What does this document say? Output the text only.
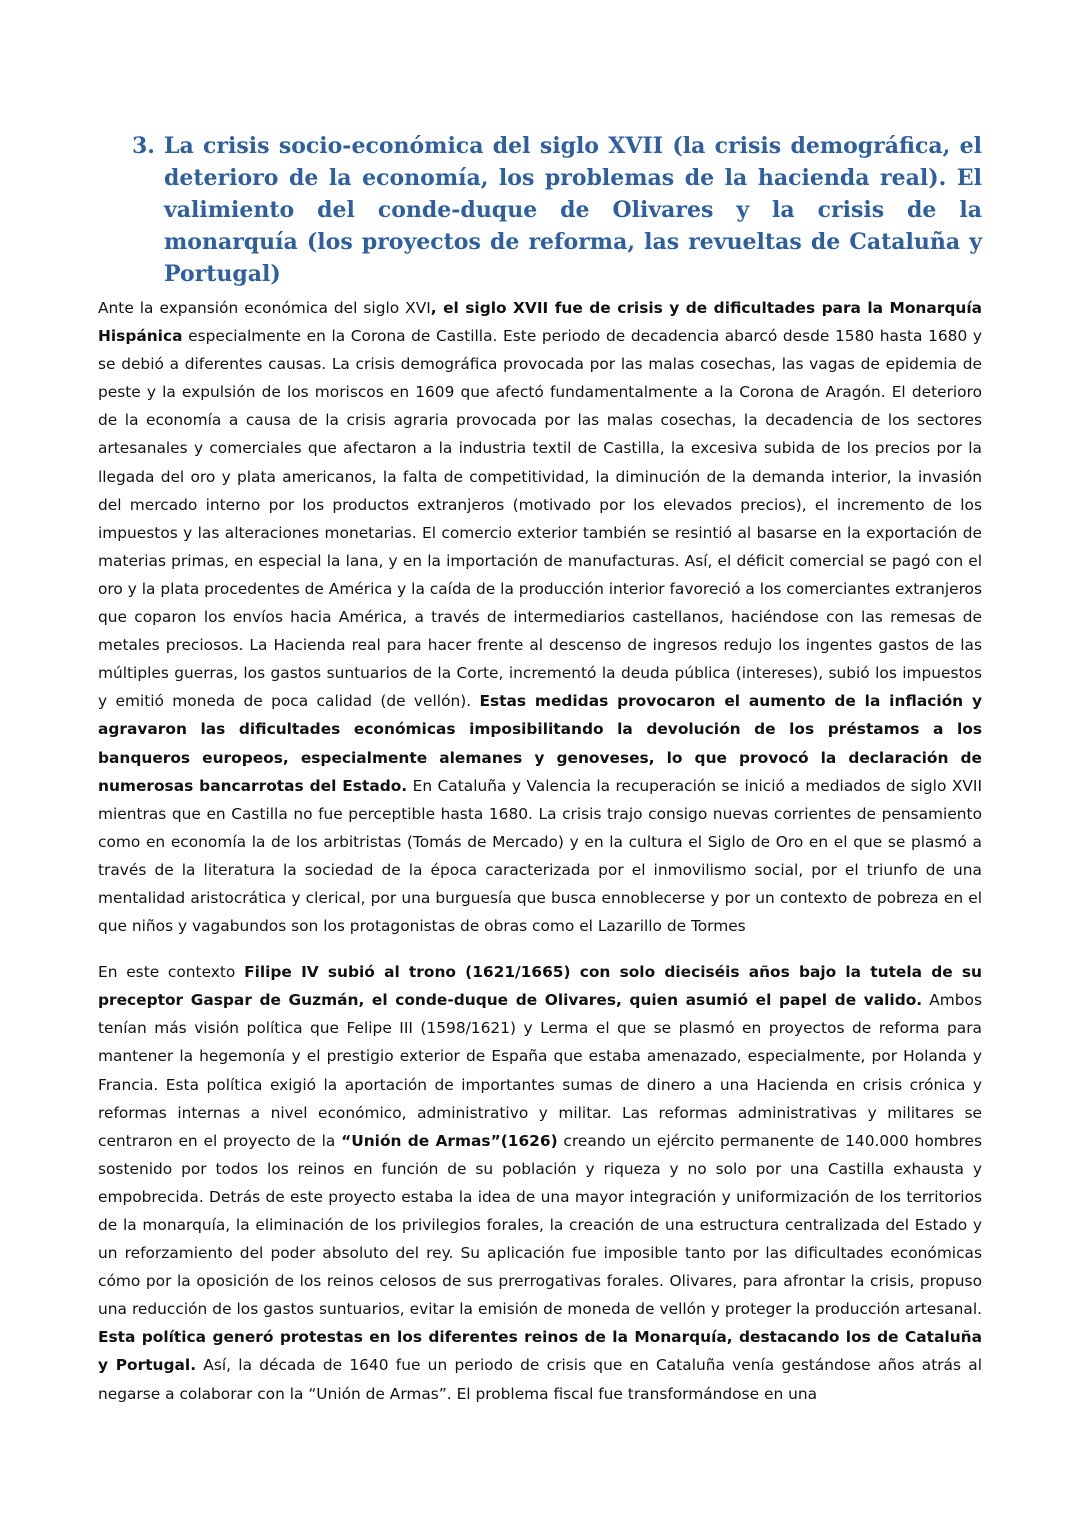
3. La crisis socio-económica del siglo XVII (la crisis demográfica, el deterioro de la economía, los problemas de la hacienda real). El valimiento del conde-duque de Olivares y la crisis de la monarquía (los proyectos de reforma, las revueltas de Cataluña y Portugal)

Ante la expansión económica del siglo XVI, el siglo XVII fue de crisis y de dificultades para la Monarquía Hispánica especialmente en la Corona de Castilla. Este periodo de decadencia abarcó desde 1580 hasta 1680 y se debió a diferentes causas. La crisis demográfica provocada por las malas cosechas, las vagas de epidemia de peste y la expulsión de los moriscos en 1609 que afectó fundamentalmente a la Corona de Aragón. El deterioro de la economía a causa de la crisis agraria provocada por las malas cosechas, la decadencia de los sectores artesanales y comerciales que afectaron a la industria textil de Castilla, la excesiva subida de los precios por la llegada del oro y plata americanos, la falta de competitividad, la diminución de la demanda interior, la invasión del mercado interno por los productos extranjeros (motivado por los elevados precios), el incremento de los impuestos y las alteraciones monetarias. El comercio exterior también se resintió al basarse en la exportación de materias primas, en especial la lana, y en la importación de manufacturas. Así, el déficit comercial se pagó con el oro y la plata procedentes de América y la caída de la producción interior favoreció a los comerciantes extranjeros que coparon los envíos hacia América, a través de intermediarios castellanos, haciéndose con las remesas de metales preciosos. La Hacienda real para hacer frente al descenso de ingresos redujo los ingentes gastos de las múltiples guerras, los gastos suntuarios de la Corte, incrementó la deuda pública (intereses), subió los impuestos y emitió moneda de poca calidad (de vellón). Estas medidas provocaron el aumento de la inflación y agravaron las dificultades económicas imposibilitando la devolución de los préstamos a los banqueros europeos, especialmente alemanes y genoveses, lo que provocó la declaración de numerosas bancarrotas del Estado. En Cataluña y Valencia la recuperación se inició a mediados de siglo XVII mientras que en Castilla no fue perceptible hasta 1680. La crisis trajo consigo nuevas corrientes de pensamiento como en economía la de los arbitristas (Tomás de Mercado) y en la cultura el Siglo de Oro en el que se plasmó a través de la literatura la sociedad de la época caracterizada por el inmovilismo social, por el triunfo de una mentalidad aristocrática y clerical, por una burguesía que busca ennoblecerse y por un contexto de pobreza en el que niños y vagabundos son los protagonistas de obras como el Lazarillo de Tormes

En este contexto Filipe IV subió al trono (1621/1665) con solo dieciséis años bajo la tutela de su preceptor Gaspar de Guzmán, el conde-duque de Olivares, quien asumió el papel de valido. Ambos tenían más visión política que Felipe III (1598/1621) y Lerma el que se plasmó en proyectos de reforma para mantener la hegemonía y el prestigio exterior de España que estaba amenazado, especialmente, por Holanda y Francia. Esta política exigió la aportación de importantes sumas de dinero a una Hacienda en crisis crónica y reformas internas a nivel económico, administrativo y militar. Las reformas administrativas y militares se centraron en el proyecto de la “Unión de Armas”(1626) creando un ejército permanente de 140.000 hombres sostenido por todos los reinos en función de su población y riqueza y no solo por una Castilla exhausta y empobrecida. Detrás de este proyecto estaba la idea de una mayor integración y uniformización de los territorios de la monarquía, la eliminación de los privilegios forales, la creación de una estructura centralizada del Estado y un reforzamiento del poder absoluto del rey. Su aplicación fue imposible tanto por las dificultades económicas cómo por la oposición de los reinos celosos de sus prerrogativas forales. Olivares, para afrontar la crisis, propuso una reducción de los gastos suntuarios, evitar la emisión de moneda de vellón y proteger la producción artesanal. Esta política generó protestas en los diferentes reinos de la Monarquía, destacando los de Cataluña y Portugal. Así, la década de 1640 fue un periodo de crisis que en Cataluña venía gestándose años atrás al negarse a colaborar con la “Unión de Armas”. El problema fiscal fue transformándose en una
